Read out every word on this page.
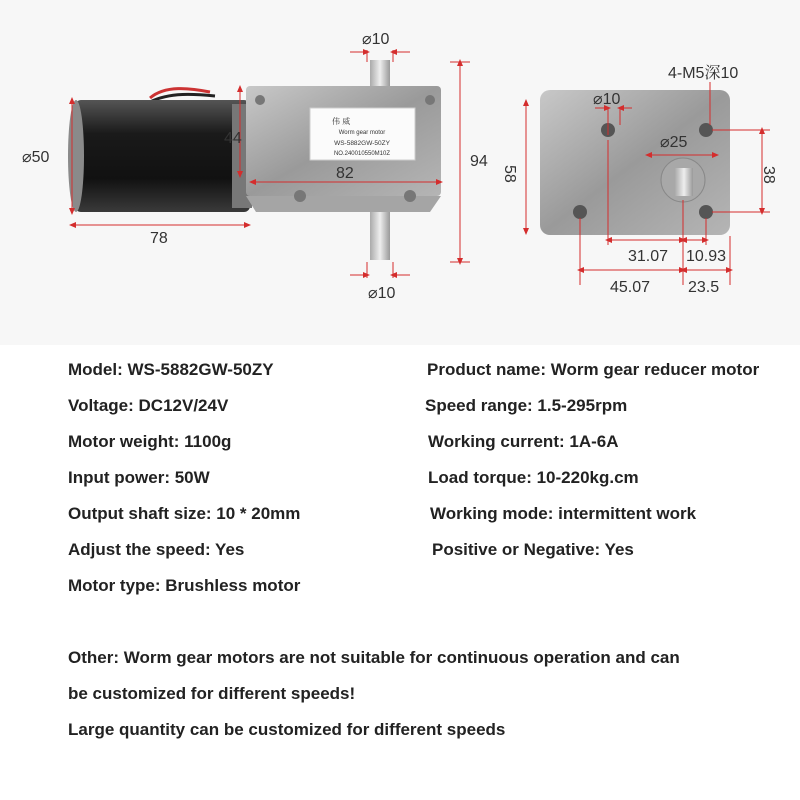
伟 威
Worm gear motor
WS-5882GW-50ZY
NO.240010550M10Z
⌀10
⌀10
⌀50
44
82
78
94
4-M5深10
⌀10
⌀25
58	38
31.07 10.93
45.07 23.5
Model: WS-5882GW-50ZY
Voltage: DC12V/24V
Motor weight: 1100g
Input power: 50W
Output shaft size: 10 * 20mm
Adjust the speed: Yes
Motor type: Brushless motor
Product name: Worm gear reducer motor
Speed range: 1.5-295rpm
Working current: 1A-6A
Load torque: 10-220kg.cm
Working mode: intermittent work
Positive or Negative: Yes
Other: Worm gear motors are not suitable for continuous operation and can
be customized for different speeds!
Large quantity can be customized for different speeds
